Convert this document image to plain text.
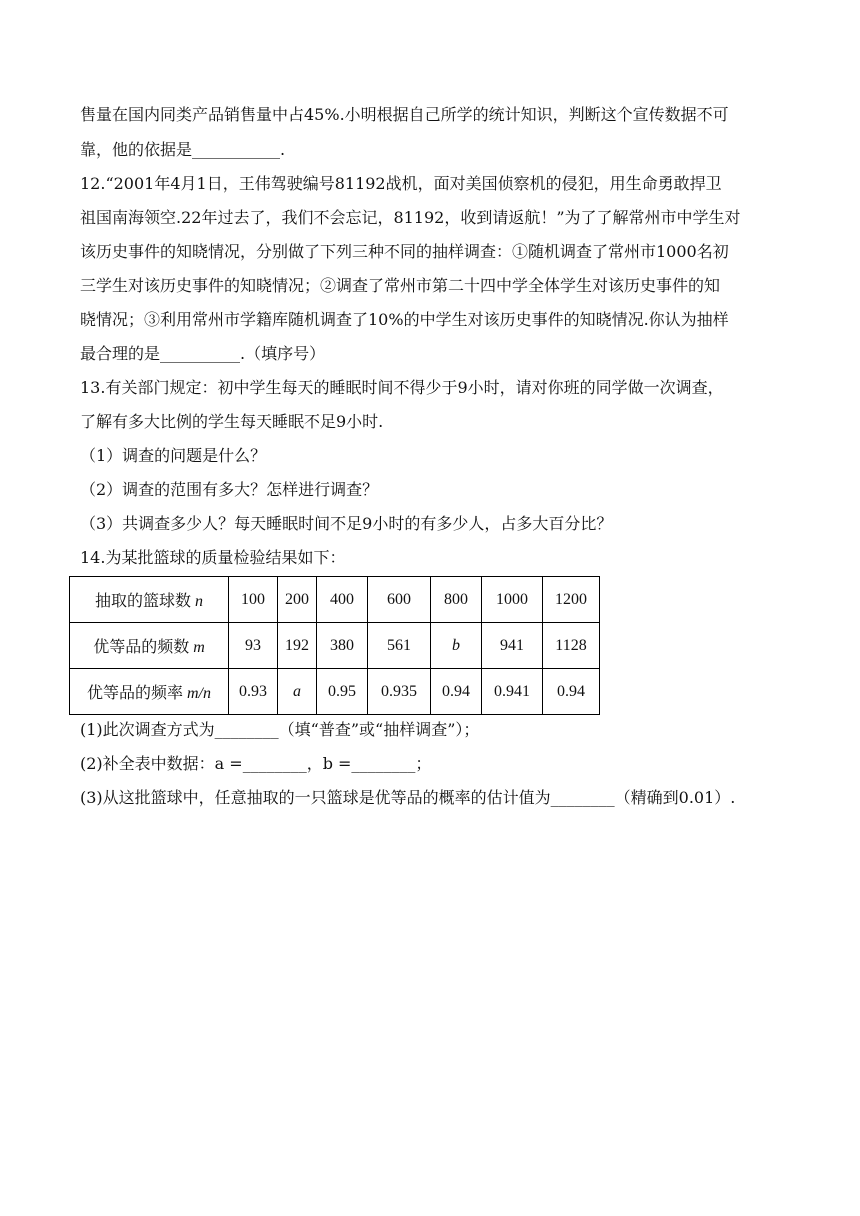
售量在国内同类产品销售量中占45%.小明根据自己所学的统计知识，判断这个宣传数据不可
靠，他的依据是___________.
12.“2001年4月1日，王伟驾驶编号81192战机，面对美国侦察机的侵犯，用生命勇敢捍卫
祖国南海领空.22年过去了，我们不会忘记，81192，收到请返航！”为了了解常州市中学生对
该历史事件的知晓情况，分别做了下列三种不同的抽样调查：①随机调查了常州市1000名初
三学生对该历史事件的知晓情况；②调查了常州市第二十四中学全体学生对该历史事件的知
晓情况；③利用常州市学籍库随机调查了10%的中学生对该历史事件的知晓情况.你认为抽样
最合理的是__________.（填序号）
13.有关部门规定：初中学生每天的睡眠时间不得少于9小时，请对你班的同学做一次调查，
了解有多大比例的学生每天睡眠不足9小时.
（1）调查的问题是什么？
（2）调查的范围有多大？怎样进行调查？
（3）共调查多少人？每天睡眠时间不足9小时的有多少人，占多大百分比？
14.为某批篮球的质量检验结果如下：
抽取的篮球数 n	100	200	400	600	800	1000	1200
优等品的频数 m	93	192	380	561	b	941	1128
优等品的频率 m/n	0.93	a	0.95	0.935	0.94	0.941	0.94
(1)此次调查方式为________（填“普查”或“抽样调查”）；
(2)补全表中数据：a =________，b =________；
(3)从这批篮球中，任意抽取的一只篮球是优等品的概率的估计值为________（精确到0.01）.
